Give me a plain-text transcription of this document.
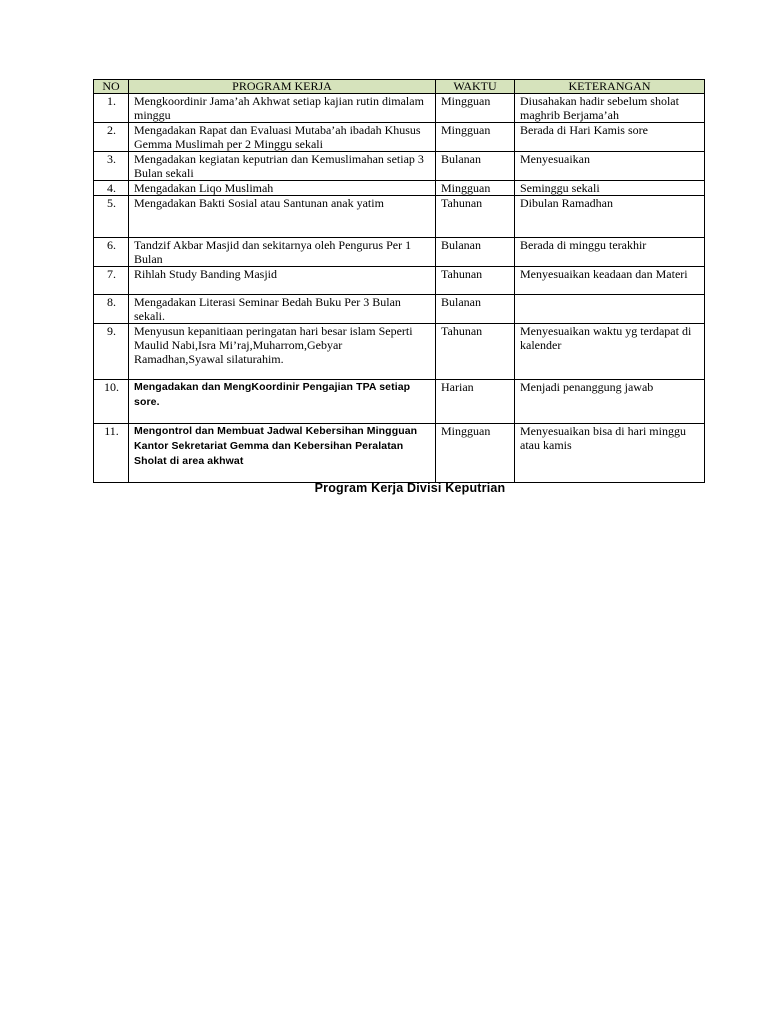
NO	PROGRAM KERJA	WAKTU	KETERANGAN
1.	Mengkoordinir Jama’ah Akhwat setiap kajian rutin dimalam minggu	Mingguan	Diusahakan hadir sebelum sholat maghrib Berjama’ah
2.	Mengadakan Rapat dan Evaluasi Mutaba’ah ibadah Khusus Gemma Muslimah per 2 Minggu sekali	Mingguan	Berada di Hari Kamis sore
3.	Mengadakan kegiatan keputrian dan Kemuslimahan setiap 3 Bulan sekali	Bulanan	Menyesuaikan
4.	Mengadakan Liqo Muslimah	Mingguan	Seminggu sekali
5.	Mengadakan Bakti Sosial atau Santunan anak yatim	Tahunan	Dibulan Ramadhan
6.	Tandzif Akbar Masjid dan sekitarnya oleh Pengurus Per 1 Bulan	Bulanan	Berada di minggu terakhir
7.	Rihlah Study Banding Masjid	Tahunan	Menyesuaikan keadaan dan Materi
8.	Mengadakan Literasi Seminar Bedah Buku Per 3 Bulan sekali.	Bulanan	
9.	Menyusun kepanitiaan peringatan hari besar islam Seperti Maulid Nabi,Isra Mi’raj,Muharrom,Gebyar Ramadhan,Syawal silaturahim.	Tahunan	Menyesuaikan waktu yg terdapat di kalender
10.	Mengadakan dan MengKoordinir Pengajian TPA setiap sore.	Harian	Menjadi penanggung jawab
11.	Mengontrol dan Membuat Jadwal Kebersihan Mingguan Kantor Sekretariat Gemma dan Kebersihan Peralatan Sholat di area akhwat	Mingguan	Menyesuaikan bisa di hari minggu atau kamis
Program Kerja Divisi Keputrian
